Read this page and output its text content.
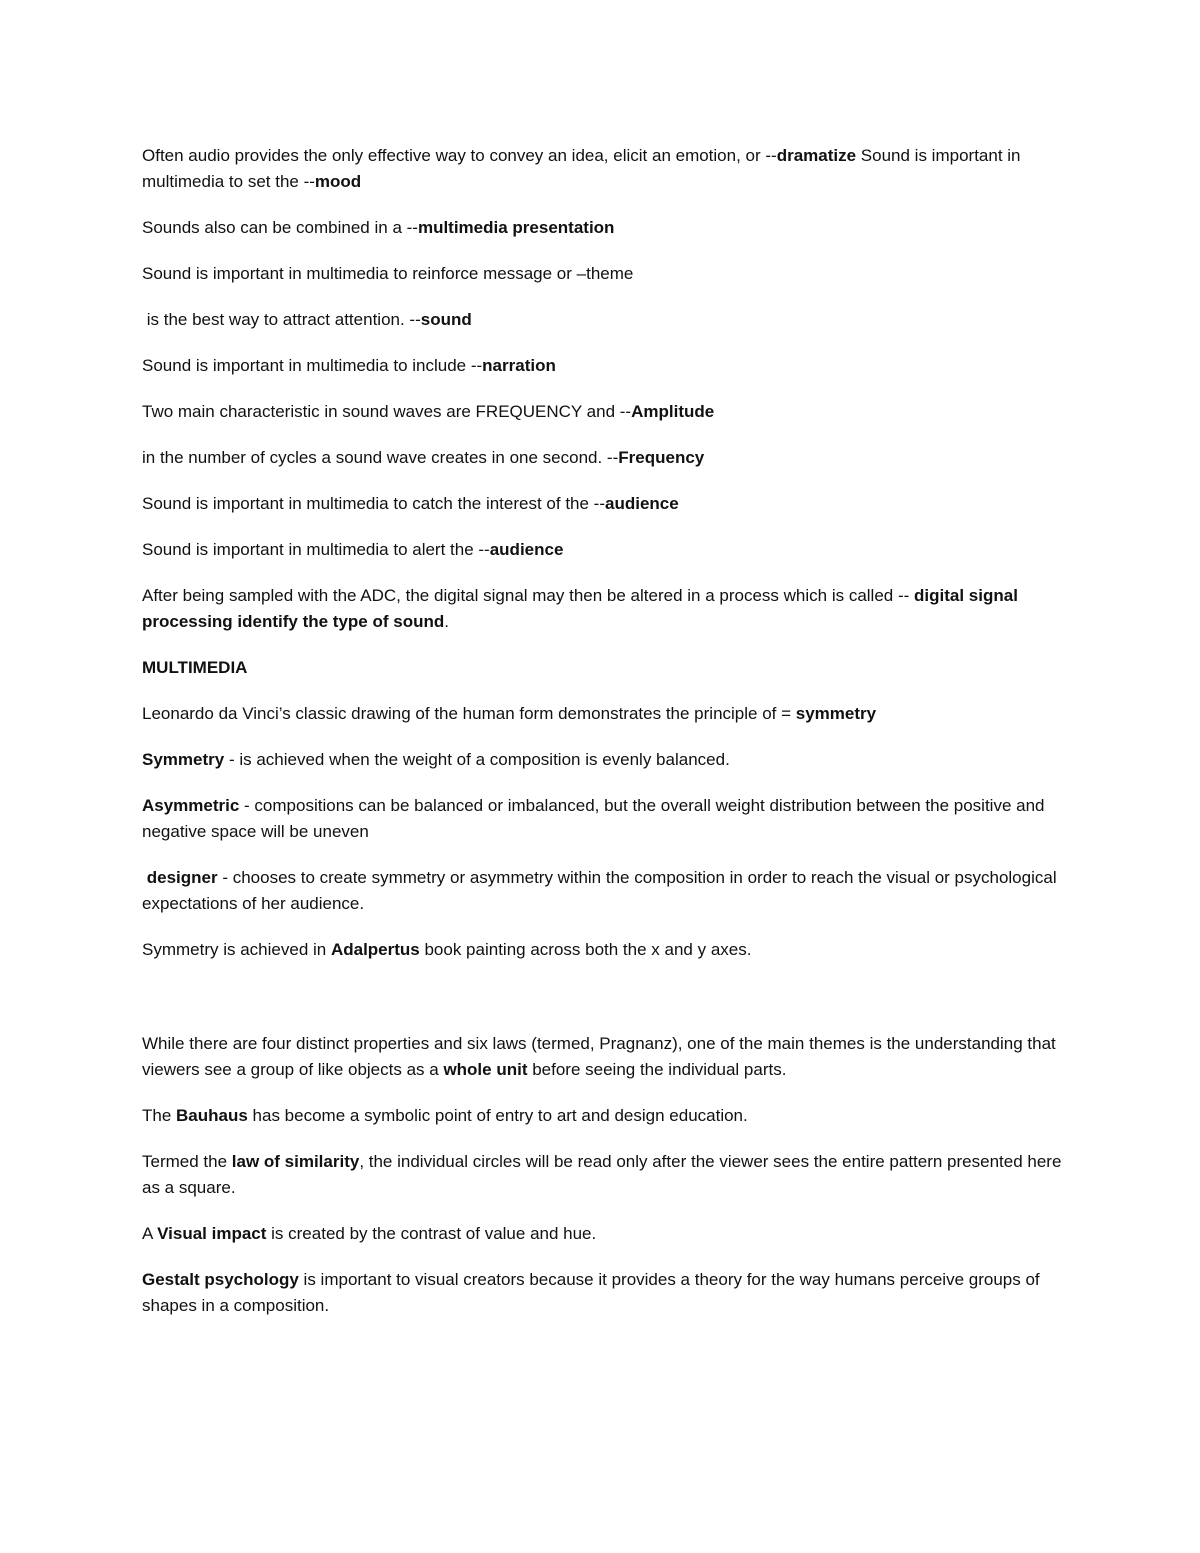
Often audio provides the only effective way to convey an idea, elicit an emotion, or --dramatize Sound is important in multimedia to set the --mood

Sounds also can be combined in a --multimedia presentation

Sound is important in multimedia to reinforce message or –theme

is the best way to attract attention. --sound

Sound is important in multimedia to include --narration

Two main characteristic in sound waves are FREQUENCY and --Amplitude

in the number of cycles a sound wave creates in one second. --Frequency

Sound is important in multimedia to catch the interest of the --audience

Sound is important in multimedia to alert the --audience

After being sampled with the ADC, the digital signal may then be altered in a process which is called -- digital signal processing identify the type of sound.

MULTIMEDIA

Leonardo da Vinci’s classic drawing of the human form demonstrates the principle of = symmetry

Symmetry - is achieved when the weight of a composition is evenly balanced.

Asymmetric - compositions can be balanced or imbalanced, but the overall weight distribution between the positive and negative space will be uneven

designer - chooses to create symmetry or asymmetry within the composition in order to reach the visual or psychological expectations of her audience.

Symmetry is achieved in Adalpertus book painting across both the x and y axes.

While there are four distinct properties and six laws (termed, Pragnanz), one of the main themes is the understanding that viewers see a group of like objects as a whole unit before seeing the individual parts.

The Bauhaus has become a symbolic point of entry to art and design education.

Termed the law of similarity, the individual circles will be read only after the viewer sees the entire pattern presented here as a square.

A Visual impact is created by the contrast of value and hue.

Gestalt psychology is important to visual creators because it provides a theory for the way humans perceive groups of shapes in a composition.
